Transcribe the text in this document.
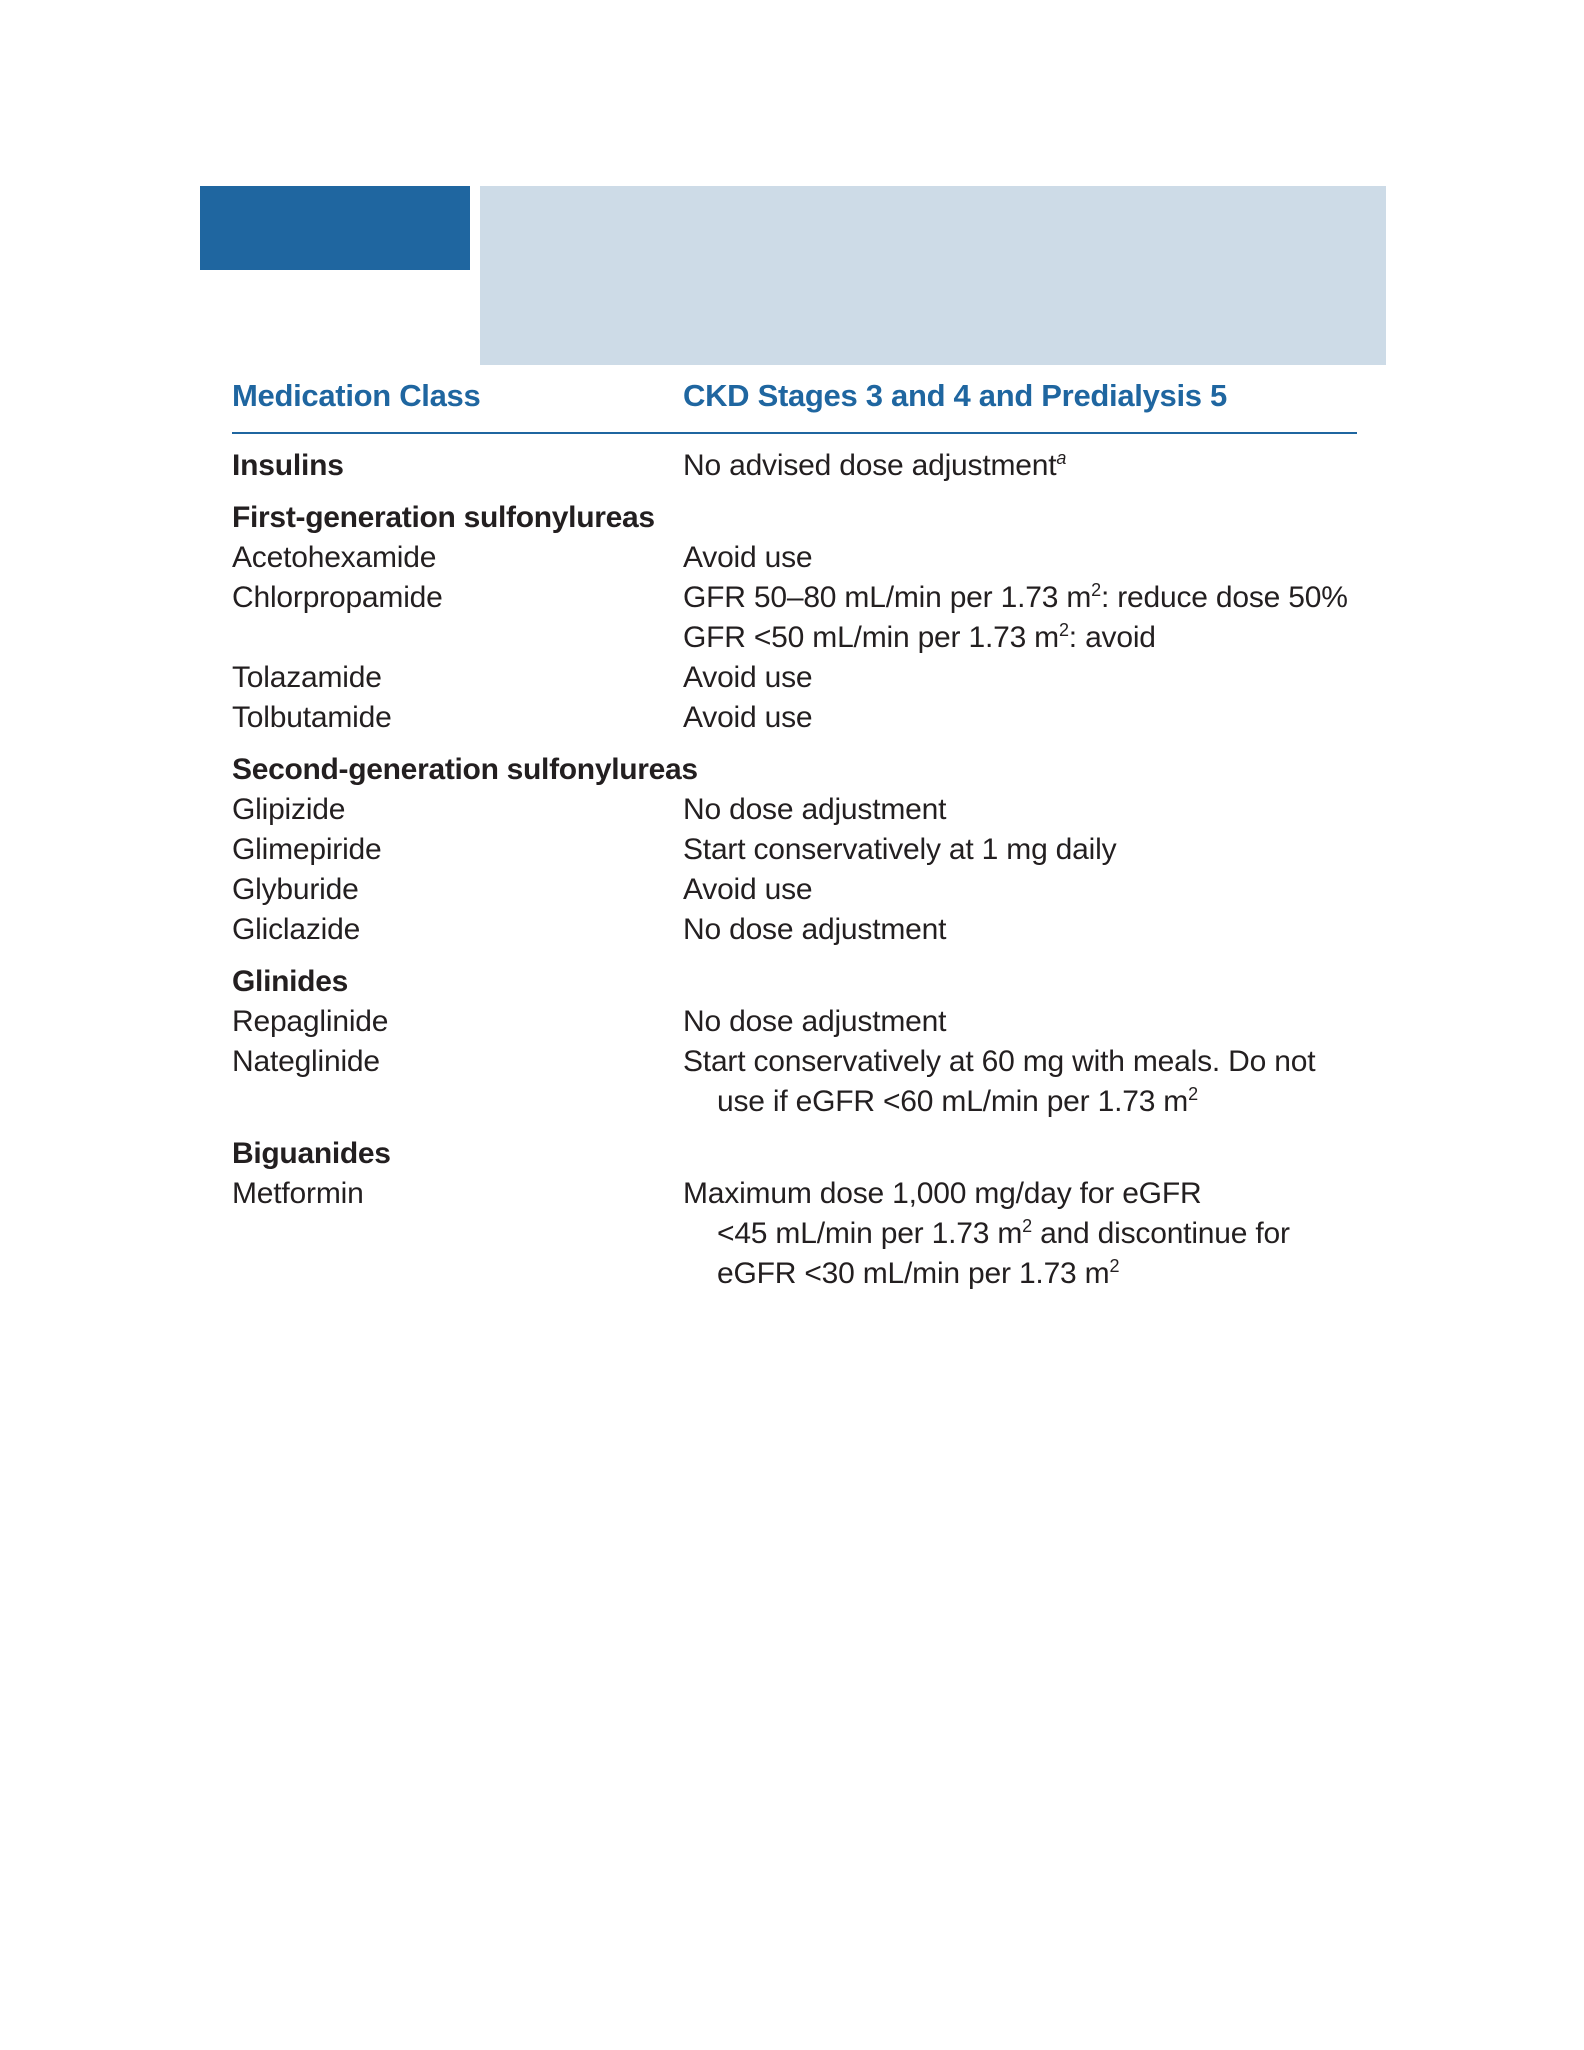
Medication Class	CKD Stages 3 and 4 and Predialysis 5
Insulins	No advised dose adjustment$^a$
First-generation sulfonylureas
Acetohexamide	Avoid use
Chlorpropamide	GFR 50–80 mL/min per 1.73 $m^2$: reduce dose 50%
GFR <50 mL/min per 1.73 $m^2$: avoid
Tolazamide	Avoid use
Tolbutamide	Avoid use
Second-generation sulfonylureas
Glipizide	No dose adjustment
Glimepiride	Start conservatively at 1 mg daily
Glyburide	Avoid use
Gliclazide	No dose adjustment
Glinides
Repaglinide	No dose adjustment
Nateglinide	Start conservatively at 60 mg with meals. Do not
use if eGFR <60 mL/min per 1.73 $m^2$
Biguanides
Metformin	Maximum dose 1,000 mg/day for eGFR
<45 mL/min per 1.73 $m^2$ and discontinue for
eGFR <30 mL/min per 1.73 $m^2$
